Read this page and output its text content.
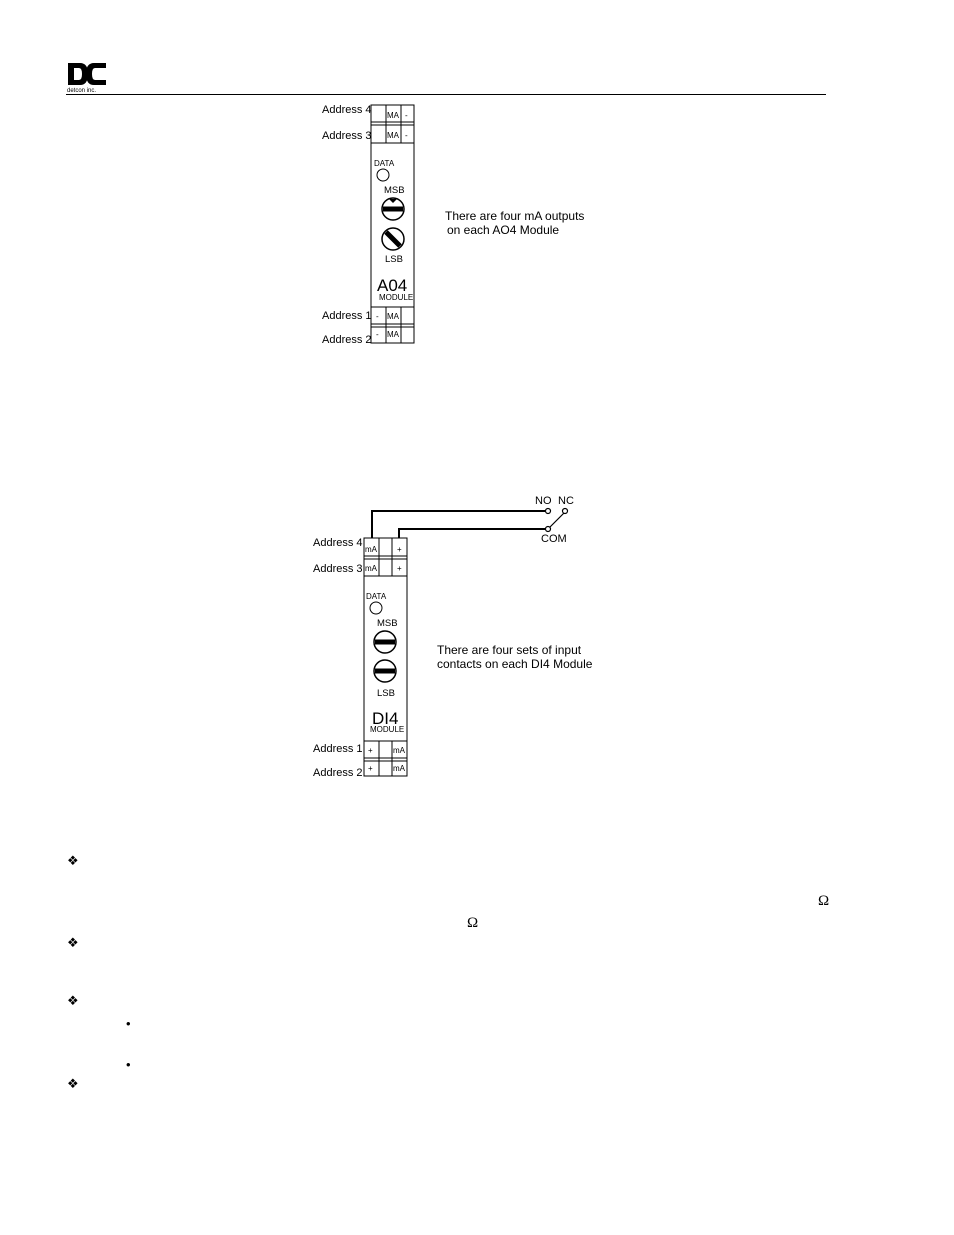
detcon inc.
Address 4
Address 3
Address 1
Address 2
MA -
MA -
- MA
- MA
DATA
MSB
LSB
A04
MODULE
There are four mA outputs
on each AO4 Module
NO NC
COM
Address 4
Address 3
Address 1
Address 2
mA	+
mA	+
+	mA
+	mA
DATA
MSB
LSB
DI4
MODULE
There are four sets of input
contacts on each DI4 Module
❖
Ω
Ω
❖
❖
•
•
❖
